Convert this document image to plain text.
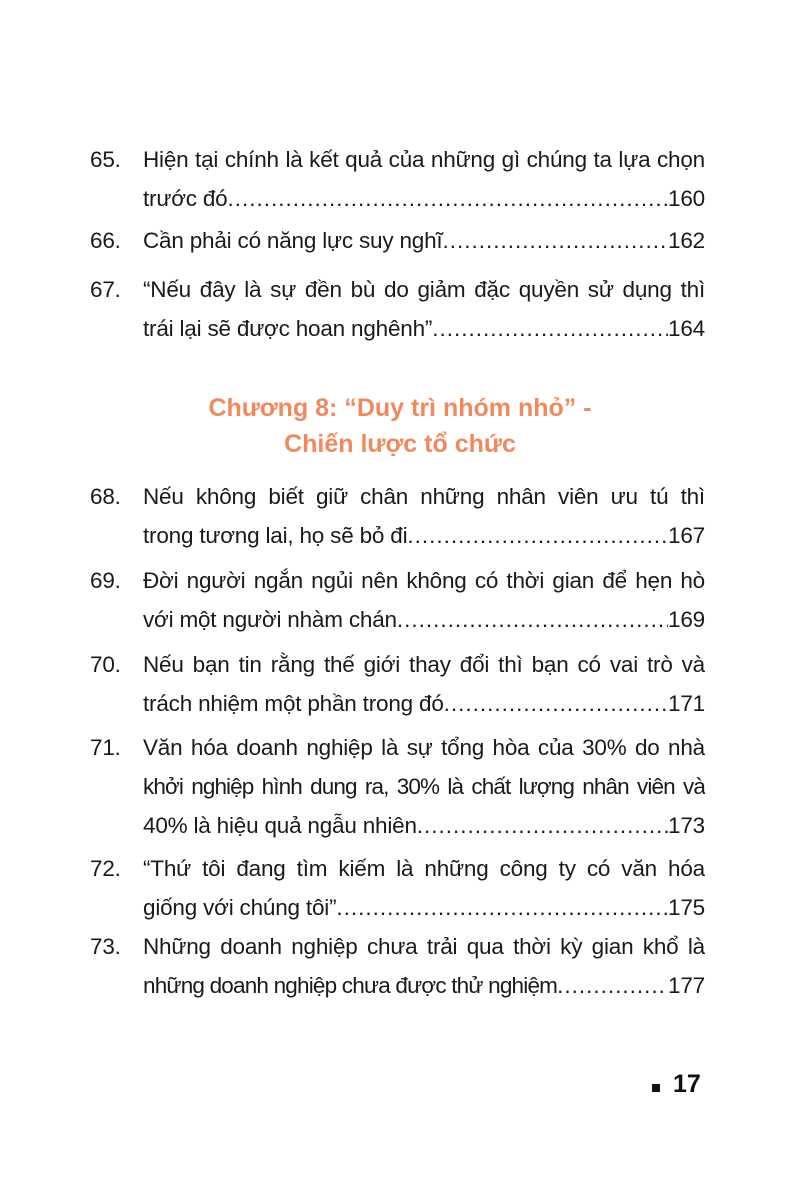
65. Hiện tại chính là kết quả của những gì chúng ta lựa chọn
trước đó .....	160
66. Cần phải có năng lực suy nghĩ .....	162
67. “Nếu đây là sự đền bù do giảm đặc quyền sử dụng thì
trái lại sẽ được hoan nghênh” .....	164
Chương 8: “Duy trì nhóm nhỏ” -
Chiến lược tổ chức
68. Nếu không biết giữ chân những nhân viên ưu tú thì
trong tương lai, họ sẽ bỏ đi .....	167
69. Đời người ngắn ngủi nên không có thời gian để hẹn hò
với một người nhàm chán .....	169
70. Nếu bạn tin rằng thế giới thay đổi thì bạn có vai trò và
trách nhiệm một phần trong đó .....	171
71. Văn hóa doanh nghiệp là sự tổng hòa của 30% do nhà
khởi nghiệp hình dung ra, 30% là chất lượng nhân viên và
40% là hiệu quả ngẫu nhiên .....	173
72. “Thứ tôi đang tìm kiếm là những công ty có văn hóa
giống với chúng tôi” .....	175
73. Những doanh nghiệp chưa trải qua thời kỳ gian khổ là
những doanh nghiệp chưa được thử nghiệm .....	177
17
